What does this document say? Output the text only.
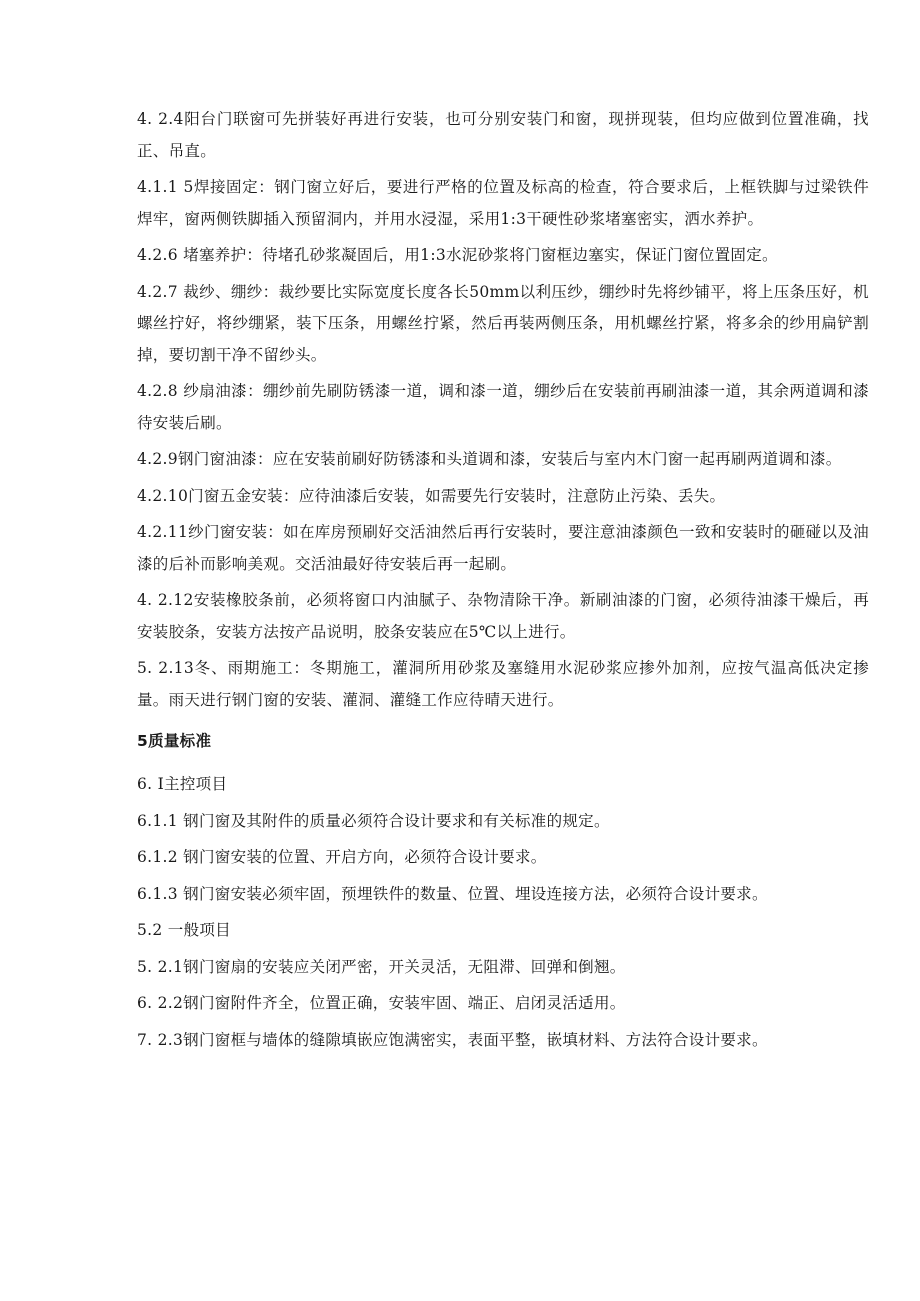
4. 2.4阳台门联窗可先拼装好再进行安装，也可分别安装门和窗，现拼现装，但均应做到位置准确，找正、吊直。

4.1.1 5焊接固定：钢门窗立好后，要进行严格的位置及标高的检查，符合要求后，上框铁脚与过梁铁件焊牢，窗两侧铁脚插入预留洞内，并用水浸湿，采用1:3干硬性砂浆堵塞密实，洒水养护。

4.2.6 堵塞养护：待堵孔砂浆凝固后，用1:3水泥砂浆将门窗框边塞实，保证门窗位置固定。

4.2.7 裁纱、绷纱：裁纱要比实际宽度长度各长50mm以利压纱，绷纱时先将纱铺平，将上压条压好，机螺丝拧好，将纱绷紧，装下压条，用螺丝拧紧，然后再装两侧压条，用机螺丝拧紧，将多余的纱用扁铲割掉，要切割干净不留纱头。

4.2.8 纱扇油漆：绷纱前先刷防锈漆一道，调和漆一道，绷纱后在安装前再刷油漆一道，其余两道调和漆待安装后刷。

4.2.9钢门窗油漆：应在安装前刷好防锈漆和头道调和漆，安装后与室内木门窗一起再刷两道调和漆。

4.2.10门窗五金安装：应待油漆后安装，如需要先行安装时，注意防止污染、丢失。

4.2.11纱门窗安装：如在库房预刷好交活油然后再行安装时，要注意油漆颜色一致和安装时的砸碰以及油漆的后补而影响美观。交活油最好待安装后再一起刷。

4. 2.12安装橡胶条前，必须将窗口内油腻子、杂物清除干净。新刷油漆的门窗，必须待油漆干燥后，再安装胶条，安装方法按产品说明，胶条安装应在5℃以上进行。

5. 2.13冬、雨期施工：冬期施工，灌洞所用砂浆及塞缝用水泥砂浆应掺外加剂，应按气温高低决定掺量。雨天进行钢门窗的安装、灌洞、灌缝工作应待晴天进行。

5质量标准

6. I主控项目

6.1.1 钢门窗及其附件的质量必须符合设计要求和有关标准的规定。

6.1.2 钢门窗安装的位置、开启方向，必须符合设计要求。

6.1.3 钢门窗安装必须牢固，预埋铁件的数量、位置、埋设连接方法，必须符合设计要求。

5.2 一般项目

5. 2.1钢门窗扇的安装应关闭严密，开关灵活，无阻滞、回弹和倒翘。

6. 2.2钢门窗附件齐全，位置正确，安装牢固、端正、启闭灵活适用。

7. 2.3钢门窗框与墙体的缝隙填嵌应饱满密实，表面平整，嵌填材料、方法符合设计要求。
